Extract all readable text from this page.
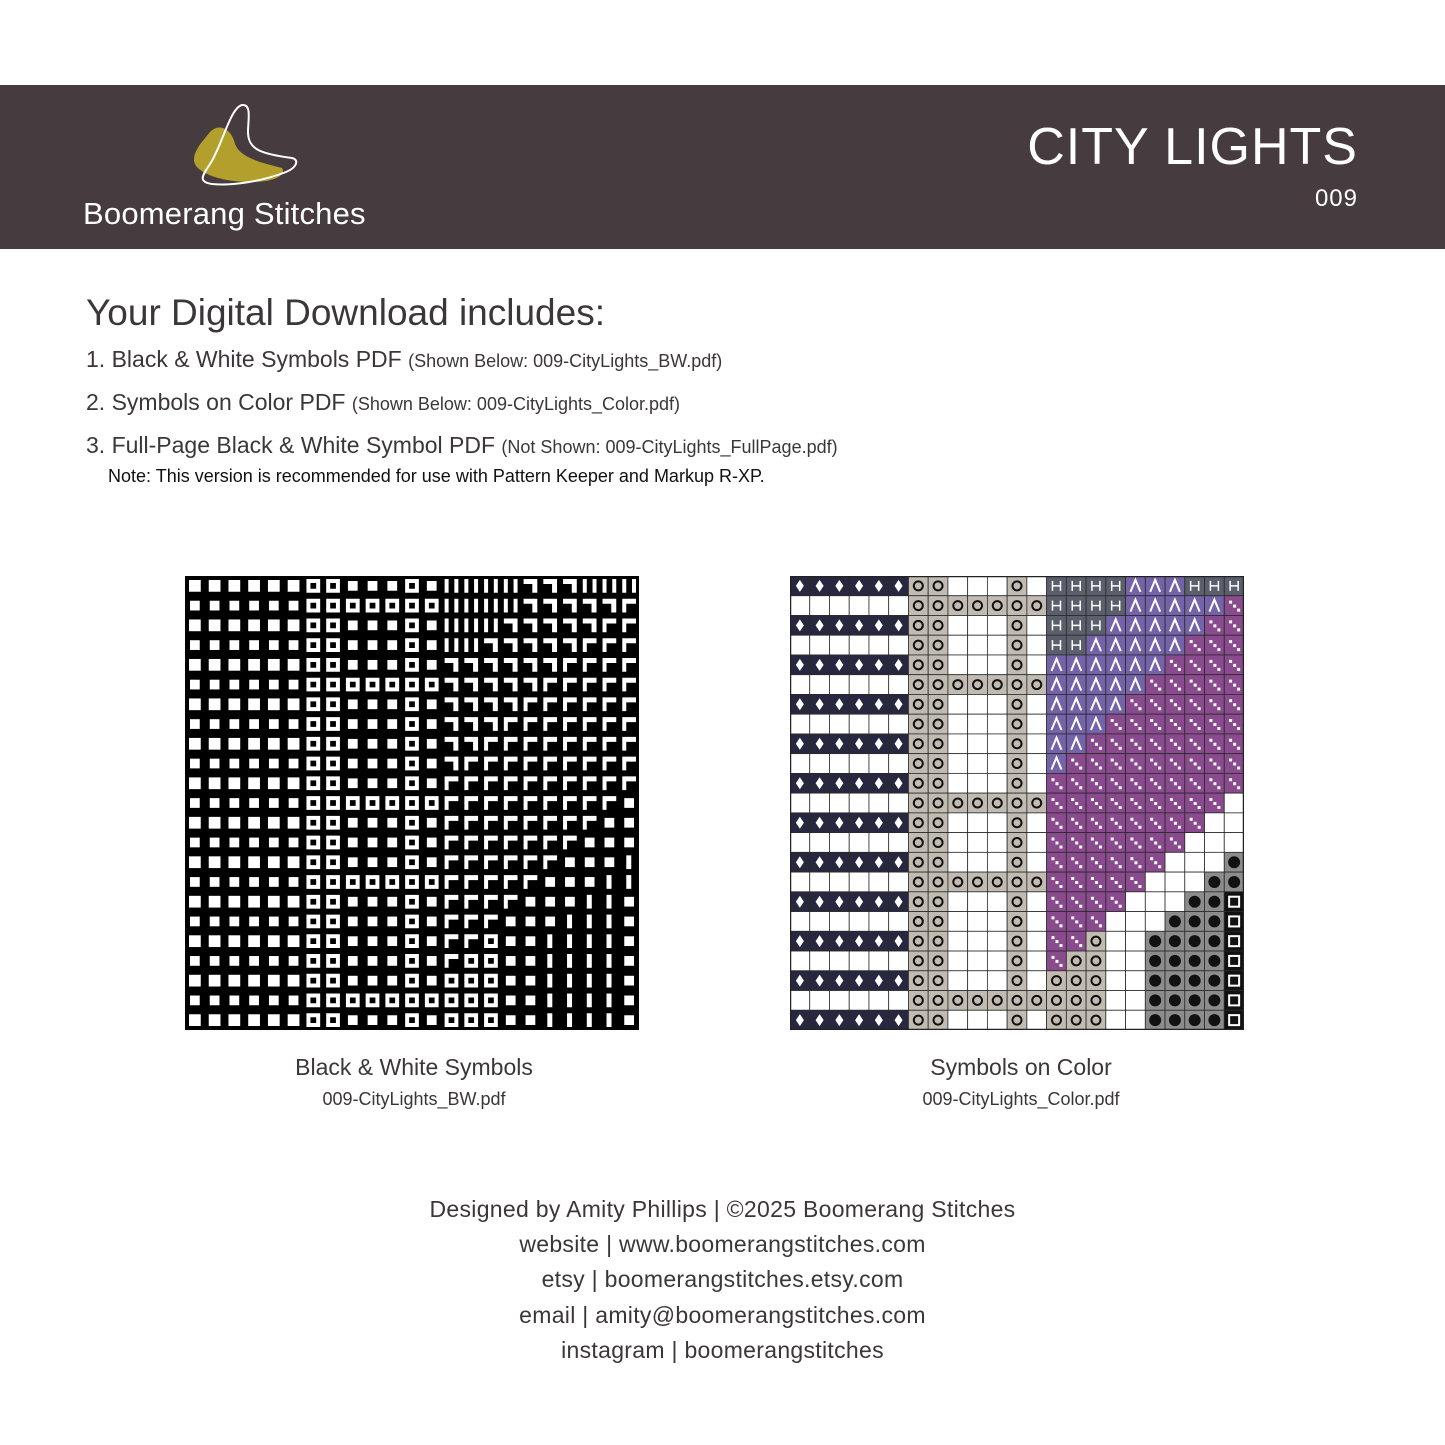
Boomerang Stitches
CITY LIGHTS
009
Your Digital Download includes:
1. Black & White Symbols PDF (Shown Below: 009-CityLights_BW.pdf)
2. Symbols on Color PDF (Shown Below: 009-CityLights_Color.pdf)
3. Full-Page Black & White Symbol PDF (Not Shown: 009-CityLights_FullPage.pdf)
Note: This version is recommended for use with Pattern Keeper and Markup R-XP.
Black & White Symbols
009-CityLights_BW.pdf
Symbols on Color
009-CityLights_Color.pdf
Designed by Amity Phillips | ©2025 Boomerang Stitches
website | www.boomerangstitches.com
etsy | boomerangstitches.etsy.com
email | amity@boomerangstitches.com
instagram | boomerangstitches
